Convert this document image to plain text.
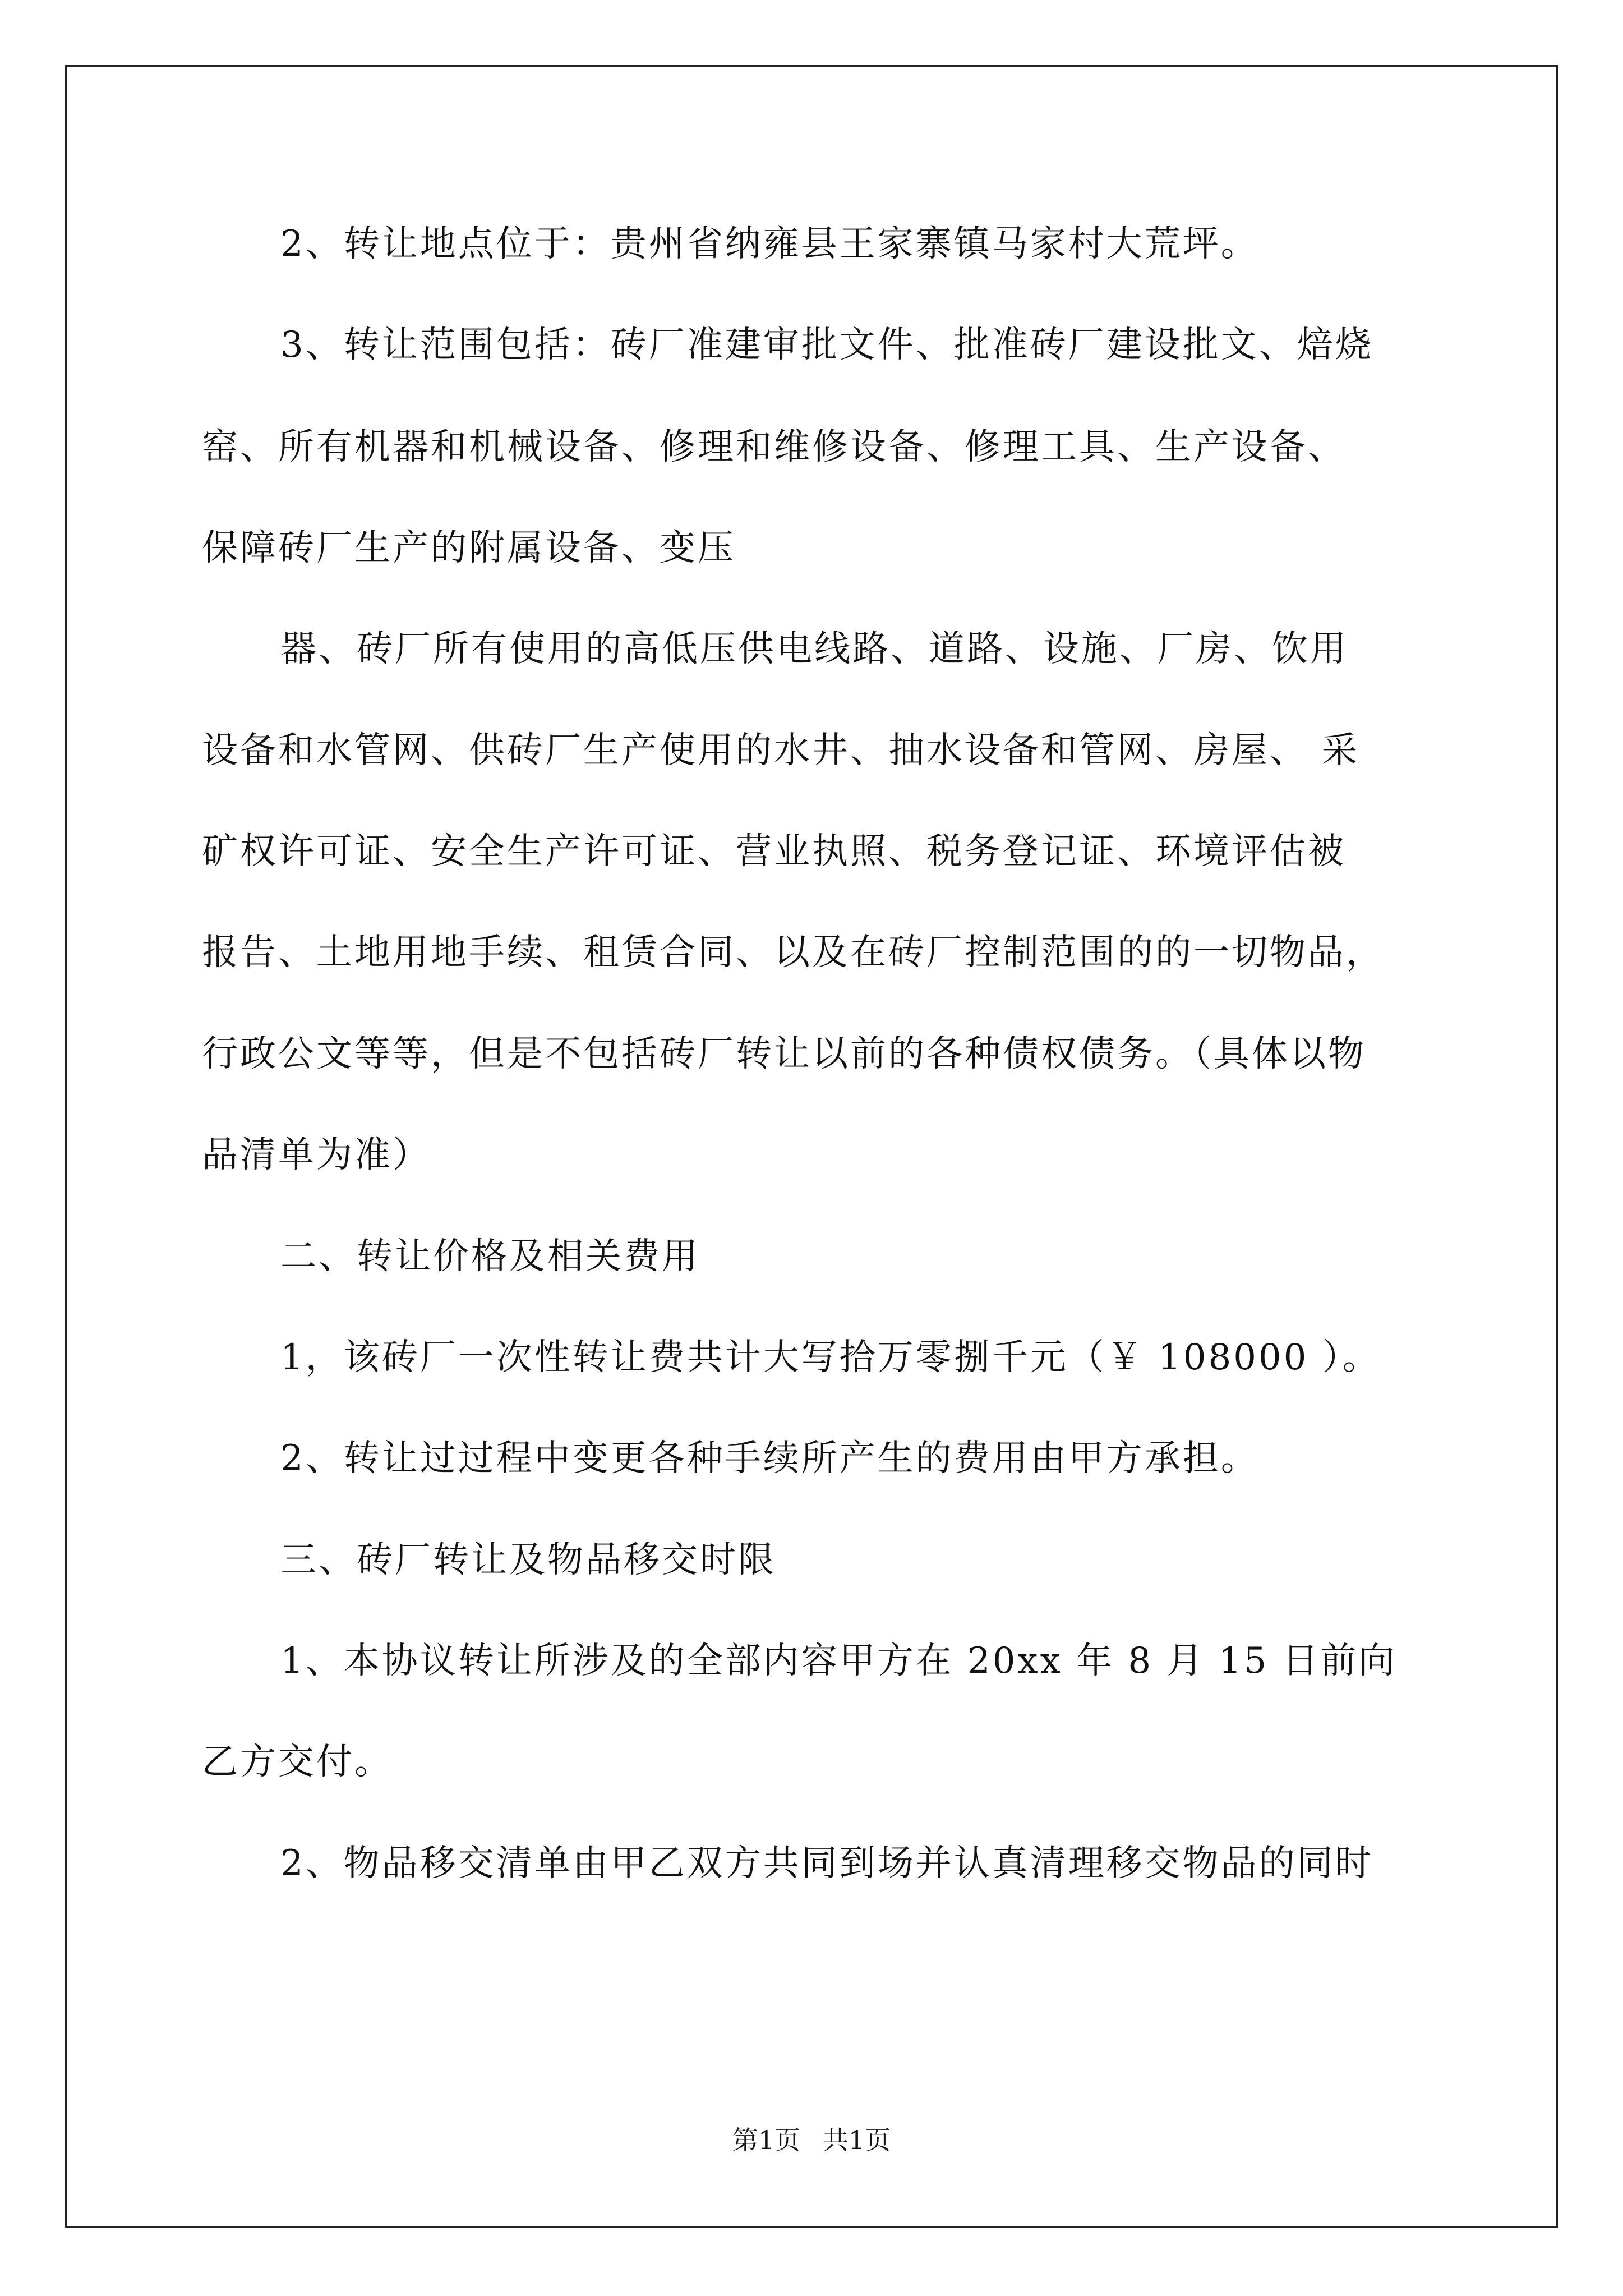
2、转让地点位于：贵州省纳雍县王家寨镇马家村大荒坪。
3、转让范围包括：砖厂准建审批文件、批准砖厂建设批文、焙烧
窑、所有机器和机械设备、修理和维修设备、修理工具、生产设备、
保障砖厂生产的附属设备、变压
器、砖厂所有使用的高低压供电线路、道路、设施、厂房、饮用
设备和水管网、供砖厂生产使用的水井、抽水设备和管网、房屋、 采
矿权许可证、安全生产许可证、营业执照、税务登记证、环境评估被
报告、土地用地手续、租赁合同、以及在砖厂控制范围的的一切物品，
行政公文等等，但是不包括砖厂转让以前的各种债权债务。（具体以物
品清单为准）
二、转让价格及相关费用
1，该砖厂一次性转让费共计大写拾万零捌千元（￥ 108000 ）。
2、转让过过程中变更各种手续所产生的费用由甲方承担。
三、砖厂转让及物品移交时限
1、本协议转让所涉及的全部内容甲方在 20xx 年 8 月 15 日前向
乙方交付。
2、物品移交清单由甲乙双方共同到场并认真清理移交物品的同时
第1页 共1页
